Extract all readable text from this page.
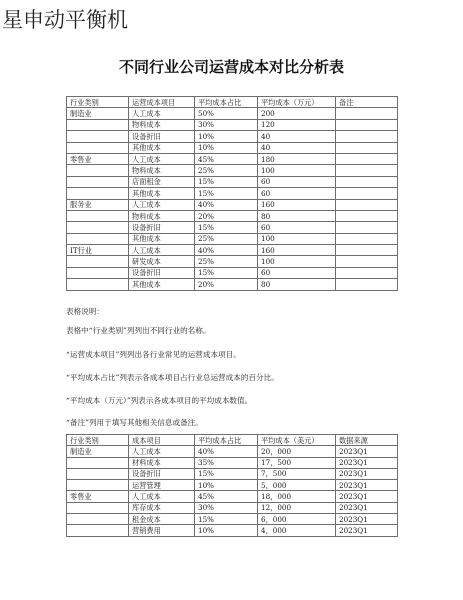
星申动平衡机
不同行业公司运营成本对比分析表
行业类别	运营成本项目	平均成本占比	平均成本（万元）	备注
制造业	人工成本	50%	200	
	物料成本	30%	120	
	设备折旧	10%	40	
	其他成本	10%	40	
零售业	人工成本	45%	180	
	物料成本	25%	100	
	店面租金	15%	60	
	其他成本	15%	60	
服务业	人工成本	40%	160	
	物料成本	20%	80	
	设备折旧	15%	60	
	其他成本	25%	100	
IT行业	人工成本	40%	160	
	研发成本	25%	100	
	设备折旧	15%	60	
	其他成本	20%	80	
表格说明：
表格中“行业类别”列列出不同行业的名称。
“运营成本项目”列列出各行业常见的运营成本项目。
“平均成本占比”列表示各成本项目占行业总运营成本的百分比。
“平均成本（万元）”列表示各成本项目的平均成本数值。
“备注”列用于填写其他相关信息或备注。
行业类别	成本项目	平均成本占比	平均成本（美元）	数据来源
制造业	人工成本	40%	20，000	2023Q1
	材料成本	35%	17，500	2023Q1
	设备折旧	15%	7，500	2023Q1
	运营管理	10%	5，000	2023Q1
零售业	人工成本	45%	18，000	2023Q1
	库存成本	30%	12，000	2023Q1
	租金成本	15%	6，000	2023Q1
	营销费用	10%	4，000	2023Q1
